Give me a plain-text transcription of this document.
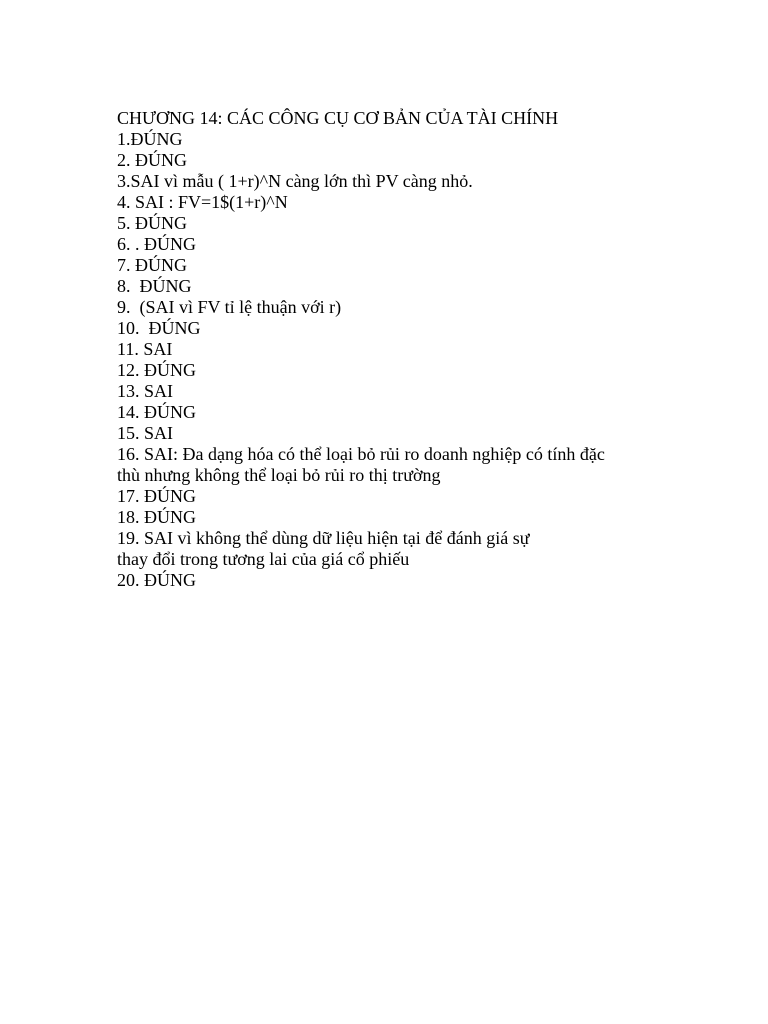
CHƯƠNG 14: CÁC CÔNG CỤ CƠ BẢN CỦA TÀI CHÍNH

1.ĐÚNG

2. ĐÚNG

3.SAI vì mẫu ( 1+r)^N càng lớn thì PV càng nhỏ.

4. SAI : FV=1$(1+r)^N

5. ĐÚNG

6. . ĐÚNG

7. ĐÚNG

8.  ĐÚNG

9.  (SAI vì FV tỉ lệ thuận với r)

10.  ĐÚNG

11. SAI

12. ĐÚNG

13. SAI

14. ĐÚNG

15. SAI

16. SAI: Đa dạng hóa có thể loại bỏ rủi ro doanh nghiệp có tính đặc

thù nhưng không thể loại bỏ rủi ro thị trường

17. ĐÚNG

18. ĐÚNG

19. SAI vì không thể dùng dữ liệu hiện tại để đánh giá sự

thay đổi trong tương lai của giá cổ phiếu

20. ĐÚNG
